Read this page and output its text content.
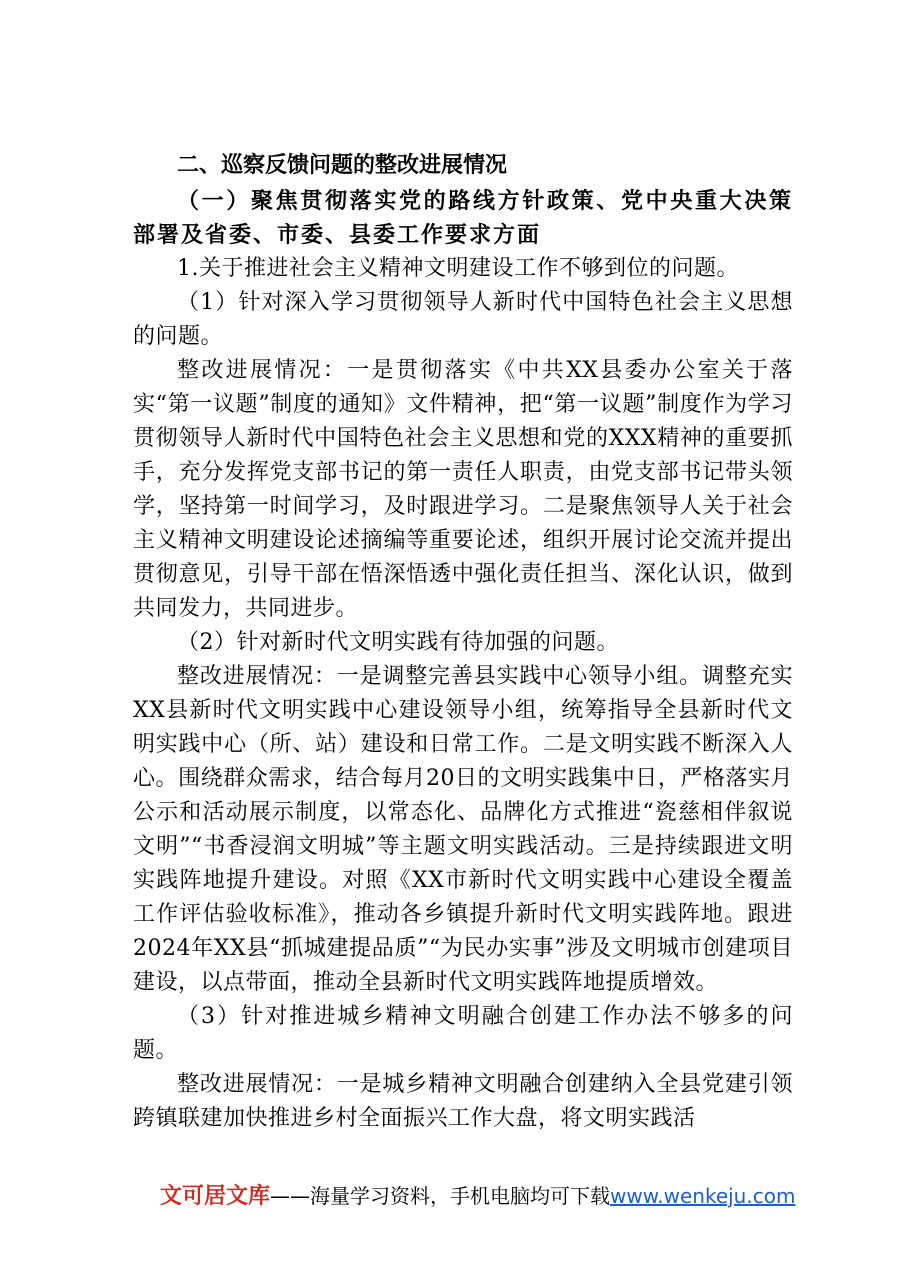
二、巡察反馈问题的整改进展情况

（一）聚焦贯彻落实党的路线方针政策、党中央重大决策部署及省委、市委、县委工作要求方面

1.关于推进社会主义精神文明建设工作不够到位的问题。

（1）针对深入学习贯彻领导人新时代中国特色社会主义思想的问题。

整改进展情况：一是贯彻落实《中共XX县委办公室关于落实“第一议题”制度的通知》文件精神，把“第一议题”制度作为学习贯彻领导人新时代中国特色社会主义思想和党的XXX精神的重要抓手，充分发挥党支部书记的第一责任人职责，由党支部书记带头领学，坚持第一时间学习，及时跟进学习。二是聚焦领导人关于社会主义精神文明建设论述摘编等重要论述，组织开展讨论交流并提出贯彻意见，引导干部在悟深悟透中强化责任担当、深化认识，做到共同发力，共同进步。

（2）针对新时代文明实践有待加强的问题。

整改进展情况：一是调整完善县实践中心领导小组。调整充实XX县新时代文明实践中心建设领导小组，统筹指导全县新时代文明实践中心（所、站）建设和日常工作。二是文明实践不断深入人心。围绕群众需求，结合每月20日的文明实践集中日，严格落实月公示和活动展示制度，以常态化、品牌化方式推进“瓷慈相伴叙说文明”“书香浸润文明城”等主题文明实践活动。三是持续跟进文明实践阵地提升建设。对照《XX市新时代文明实践中心建设全覆盖工作评估验收标准》，推动各乡镇提升新时代文明实践阵地。跟进2024年XX县“抓城建提品质”“为民办实事”涉及文明城市创建项目建设，以点带面，推动全县新时代文明实践阵地提质增效。

（3）针对推进城乡精神文明融合创建工作办法不够多的问题。

整改进展情况：一是城乡精神文明融合创建纳入全县党建引领跨镇联建加快推进乡村全面振兴工作大盘，将文明实践活

文可居文库——海量学习资料，手机电脑均可下载www.wenkeju.com
